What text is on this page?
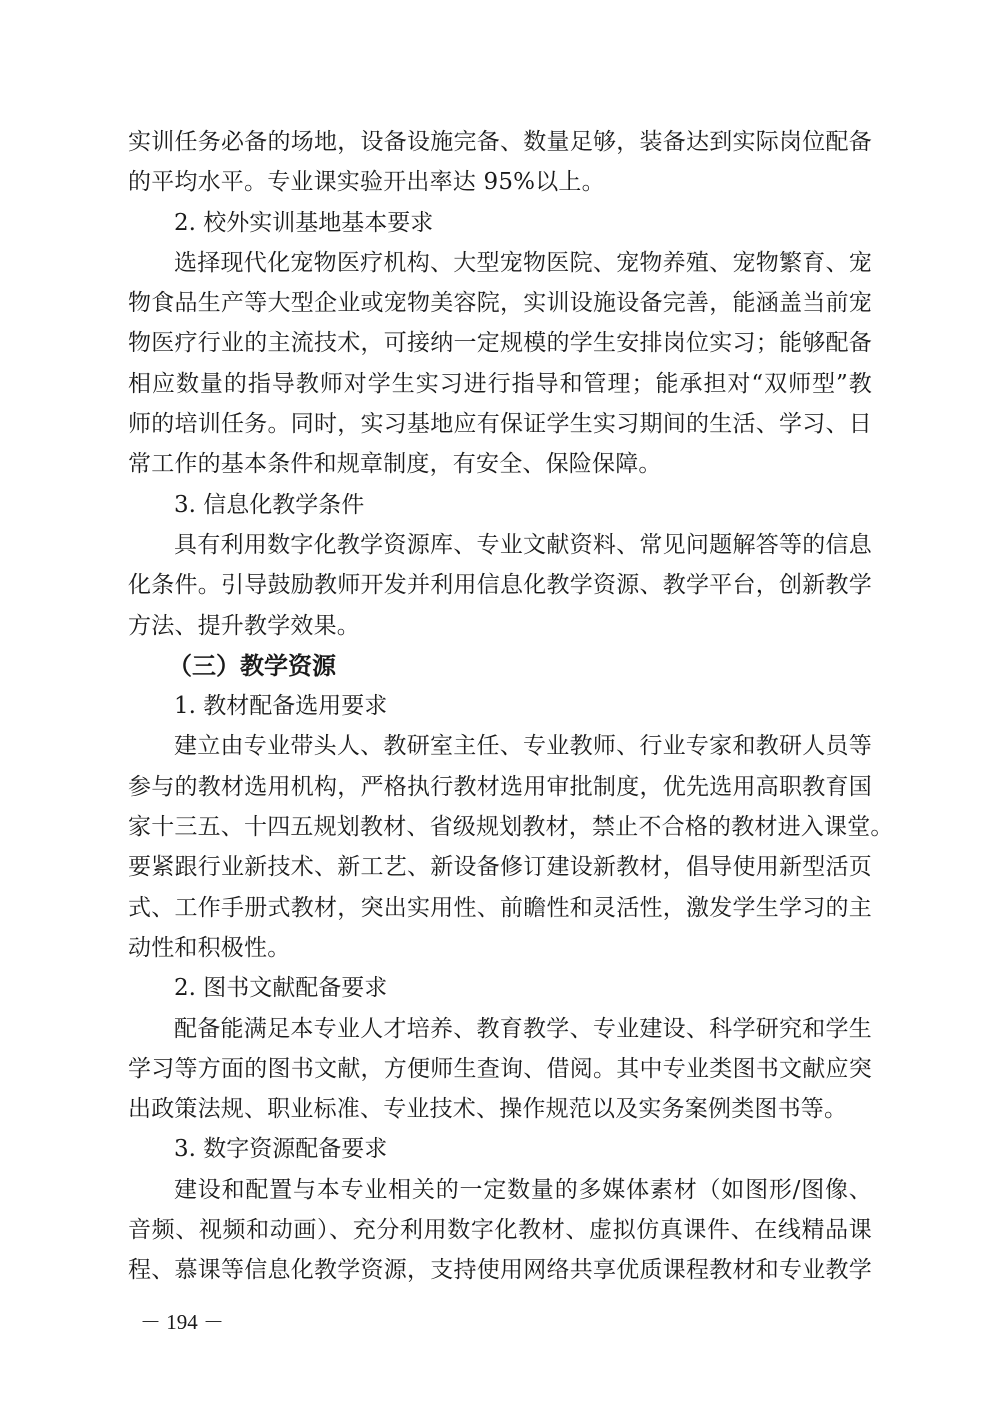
实训任务必备的场地，设备设施完备、数量足够，装备达到实际岗位配备
的平均水平。专业课实验开出率达 95%以上。
2. 校外实训基地基本要求
选择现代化宠物医疗机构、大型宠物医院、宠物养殖、宠物繁育、宠
物食品生产等大型企业或宠物美容院，实训设施设备完善，能涵盖当前宠
物医疗行业的主流技术，可接纳一定规模的学生安排岗位实习；能够配备
相应数量的指导教师对学生实习进行指导和管理；能承担对“双师型”教
师的培训任务。同时，实习基地应有保证学生实习期间的生活、学习、日
常工作的基本条件和规章制度，有安全、保险保障。
3. 信息化教学条件
具有利用数字化教学资源库、专业文献资料、常见问题解答等的信息
化条件。引导鼓励教师开发并利用信息化教学资源、教学平台，创新教学
方法、提升教学效果。
（三）教学资源
1. 教材配备选用要求
建立由专业带头人、教研室主任、专业教师、行业专家和教研人员等
参与的教材选用机构，严格执行教材选用审批制度，优先选用高职教育国
家十三五、十四五规划教材、省级规划教材，禁止不合格的教材进入课堂。
要紧跟行业新技术、新工艺、新设备修订建设新教材，倡导使用新型活页
式、工作手册式教材，突出实用性、前瞻性和灵活性，激发学生学习的主
动性和积极性。
2. 图书文献配备要求
配备能满足本专业人才培养、教育教学、专业建设、科学研究和学生
学习等方面的图书文献，方便师生查询、借阅。其中专业类图书文献应突
出政策法规、职业标准、专业技术、操作规范以及实务案例类图书等。
3. 数字资源配备要求
建设和配置与本专业相关的一定数量的多媒体素材（如图形/图像、
音频、视频和动画）、充分利用数字化教材、虚拟仿真课件、在线精品课
程、慕课等信息化教学资源，支持使用网络共享优质课程教材和专业教学
－ 194 －
